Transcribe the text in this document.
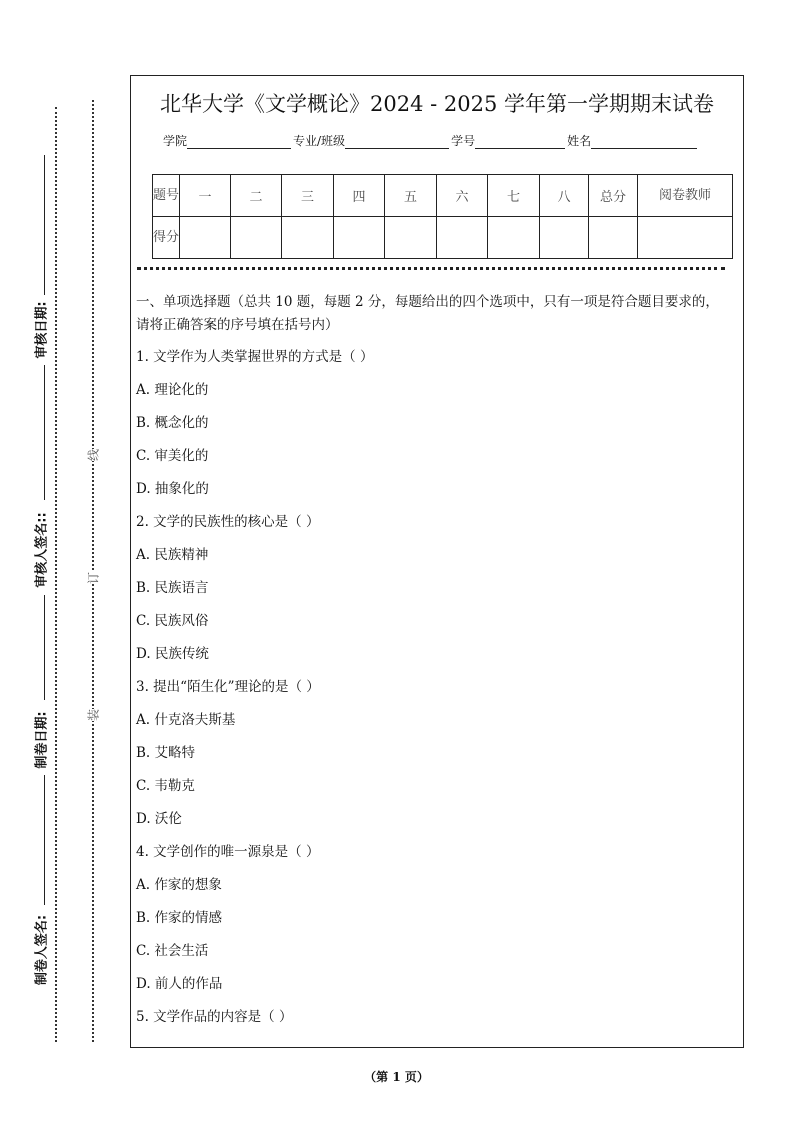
审核日期:
审核人签名::
制卷日期:
制卷人签名:
线
订
装
北华大学《文学概论》2024 - 2025 学年第一学期期末试卷
学院	专业/班级	学号	姓名
题号	一	二	三	四	五	六	七	八	总分	阅卷教师
得分										
一、单项选择题（总共 10 题，每题 2 分，每题给出的四个选项中，只有一项是符合题目要求的，请将正确答案的序号填在括号内）
1. 文学作为人类掌握世界的方式是（ ）
A. 理论化的
B. 概念化的
C. 审美化的
D. 抽象化的
2. 文学的民族性的核心是（ ）
A. 民族精神
B. 民族语言
C. 民族风俗
D. 民族传统
3. 提出“陌生化”理论的是（ ）
A. 什克洛夫斯基
B. 艾略特
C. 韦勒克
D. 沃伦
4. 文学创作的唯一源泉是（ ）
A. 作家的想象
B. 作家的情感
C. 社会生活
D. 前人的作品
5. 文学作品的内容是（ ）
（第 1 页）
